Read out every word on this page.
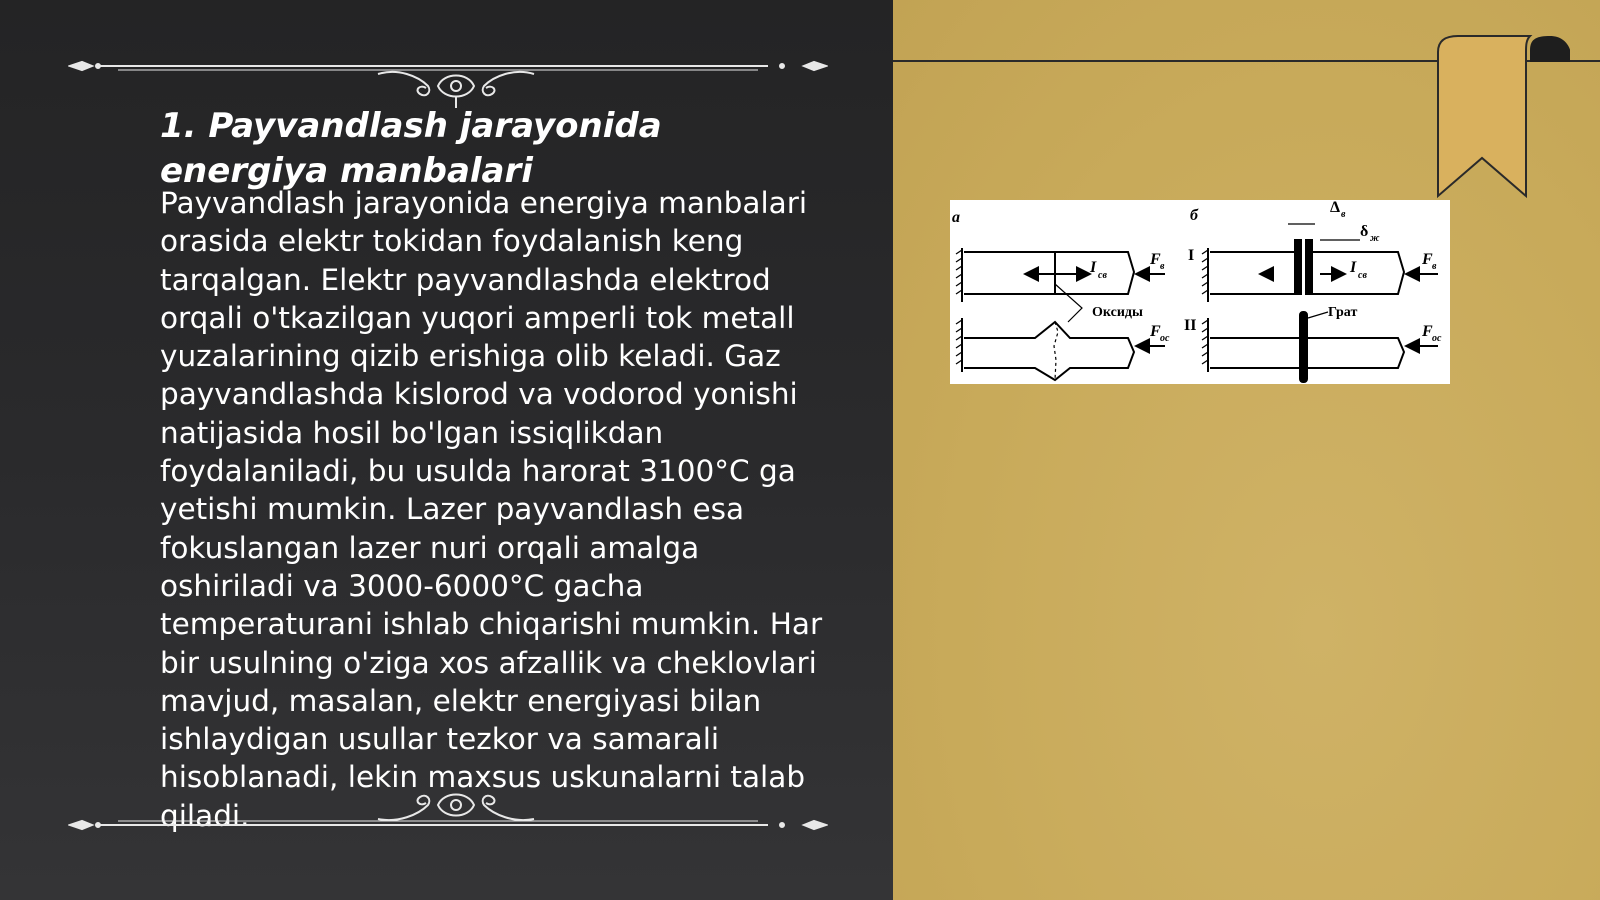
1. Payvandlash jarayonida energiya manbalari

Payvandlash jarayonida energiya manbalari orasida elektr tokidan foydalanish keng tarqalgan. Elektr payvandlashda elektrod orqali o'tkazilgan yuqori amperli tok metall yuzalarining qizib erishiga olib keladi. Gaz payvandlashda kislorod va vodorod yonishi natijasida hosil bo'lgan issiqlikdan foydalaniladi, bu usulda harorat 3100°C ga yetishi mumkin. Lazer payvandlash esa fokuslangan lazer nuri orqali amalga oshiriladi va 3000-6000°C gacha temperaturani ishlab chiqarishi mumkin. Har bir usulning o'ziga xos afzallik va cheklovlari mavjud, masalan, elektr energiyasi bilan ishlaydigan usullar tezkor va samarali hisoblanadi, lekin maxsus uskunalarni talab qiladi.

a	б
I
II
I св
F в
Оксиды
F ос
Δ в
δ ж
I св
F в
Грат
F ос
